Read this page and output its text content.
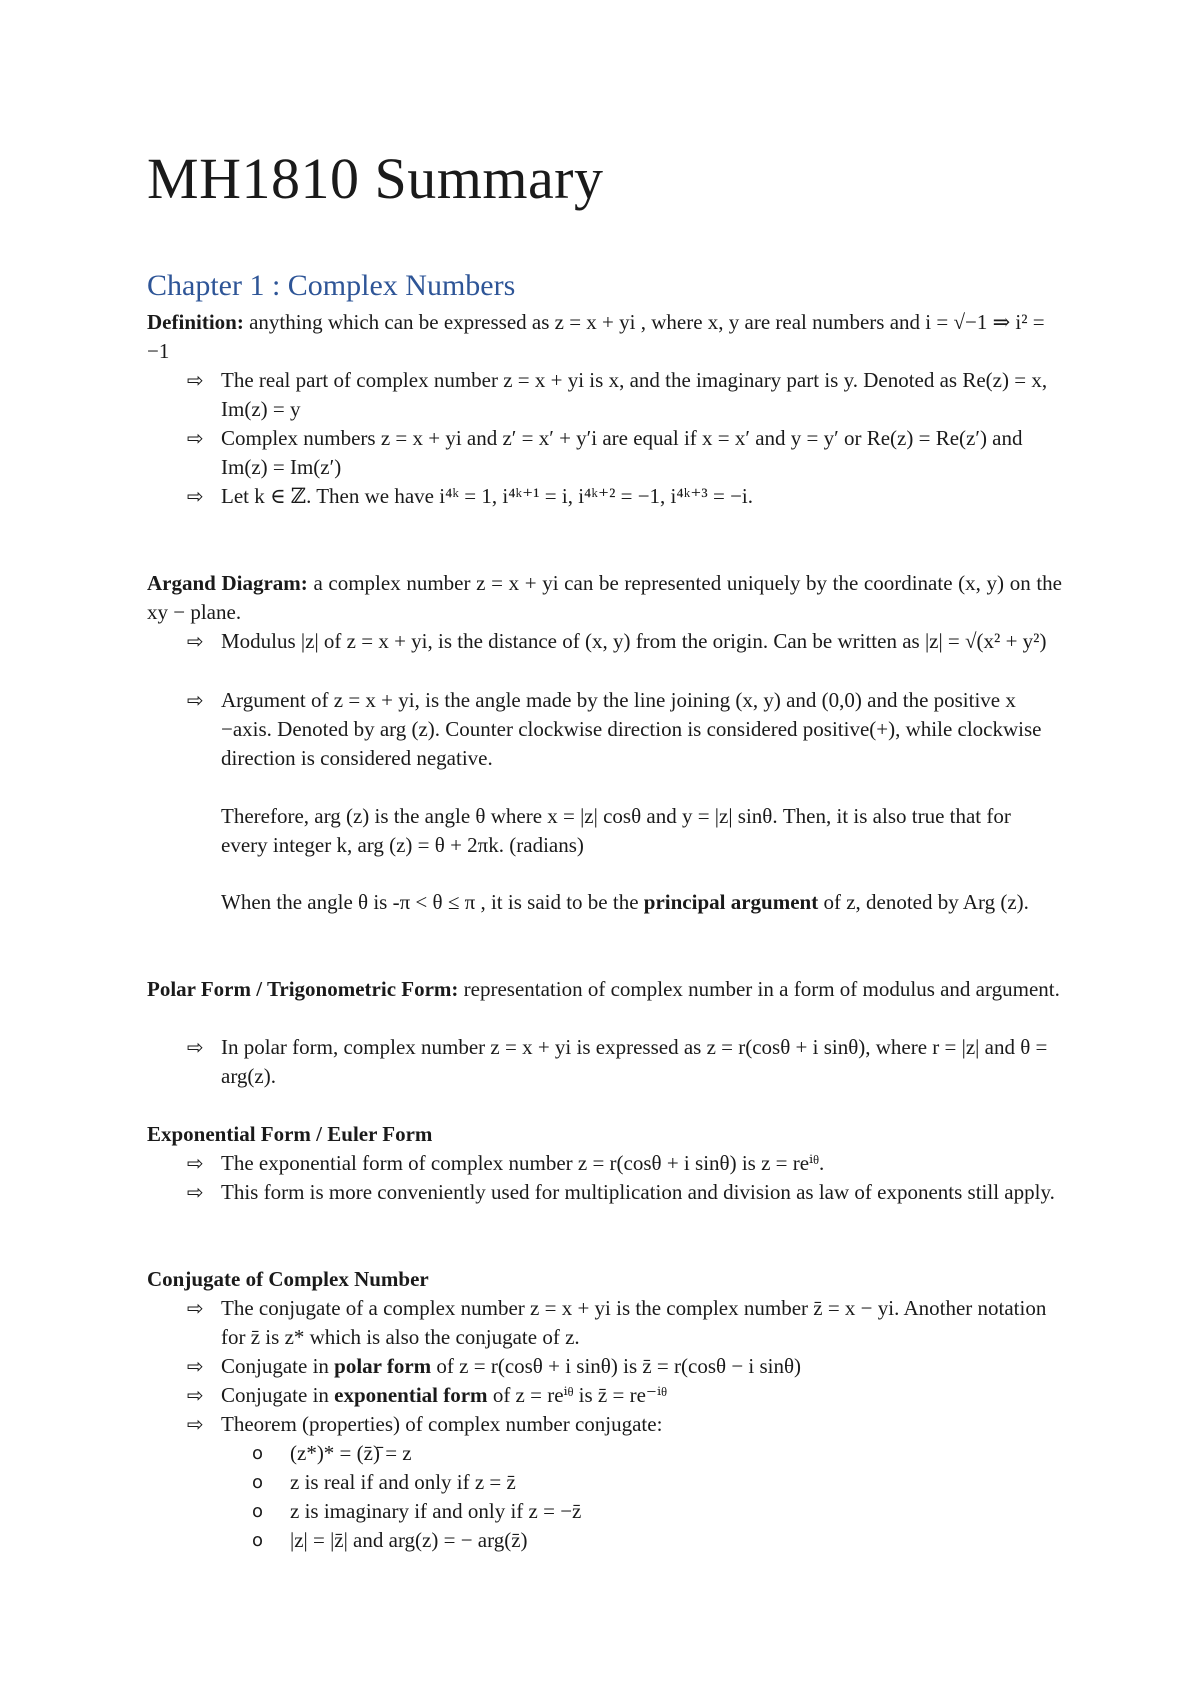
MH1810 Summary
Chapter 1 : Complex Numbers
Definition: anything which can be expressed as z = x + yi , where x, y are real numbers and i = √−1 ⇒ i² = −1
⇨ The real part of complex number z = x + yi is x, and the imaginary part is y. Denoted as Re(z) = x, Im(z) = y
⇨ Complex numbers z = x + yi and z′ = x′ + y′i are equal if x = x′ and y = y′ or Re(z) = Re(z′) and Im(z) = Im(z′)
⇨ Let k ∈ ℤ. Then we have i⁴ᵏ = 1, i⁴ᵏ⁺¹ = i, i⁴ᵏ⁺² = −1, i⁴ᵏ⁺³ = −i.
Argand Diagram: a complex number z = x + yi can be represented uniquely by the coordinate (x, y) on the xy − plane.
⇨ Modulus |z| of z = x + yi, is the distance of (x, y) from the origin. Can be written as |z| = √(x² + y²)
⇨ Argument of z = x + yi, is the angle made by the line joining (x, y) and (0,0) and the positive x −axis. Denoted by arg (z). Counter clockwise direction is considered positive(+), while clockwise direction is considered negative.
Therefore, arg (z) is the angle θ where x = |z| cosθ and y = |z| sinθ. Then, it is also true that for every integer k, arg (z) = θ + 2πk. (radians)
When the angle θ is -π < θ ≤ π , it is said to be the principal argument of z, denoted by Arg (z).
Polar Form / Trigonometric Form: representation of complex number in a form of modulus and argument.
⇨ In polar form, complex number z = x + yi is expressed as z = r(cosθ + i sinθ), where r = |z| and θ = arg(z).
Exponential Form / Euler Form
⇨ The exponential form of complex number z = r(cosθ + i sinθ) is z = reⁱᶿ.
⇨ This form is more conveniently used for multiplication and division as law of exponents still apply.
Conjugate of Complex Number
⇨ The conjugate of a complex number z = x + yi is the complex number z̄ = x − yi. Another notation for z̄ is z* which is also the conjugate of z.
⇨ Conjugate in polar form of z = r(cosθ + i sinθ) is z̄ = r(cosθ − i sinθ)
⇨ Conjugate in exponential form of z = reⁱᶿ is z̄ = re⁻ⁱᶿ
⇨ Theorem (properties) of complex number conjugate:
o (z*)* = (z̄)̄ = z
o z is real if and only if z = z̄
o z is imaginary if and only if z = −z̄
o |z| = |z̄| and arg(z) = − arg(z̄)
